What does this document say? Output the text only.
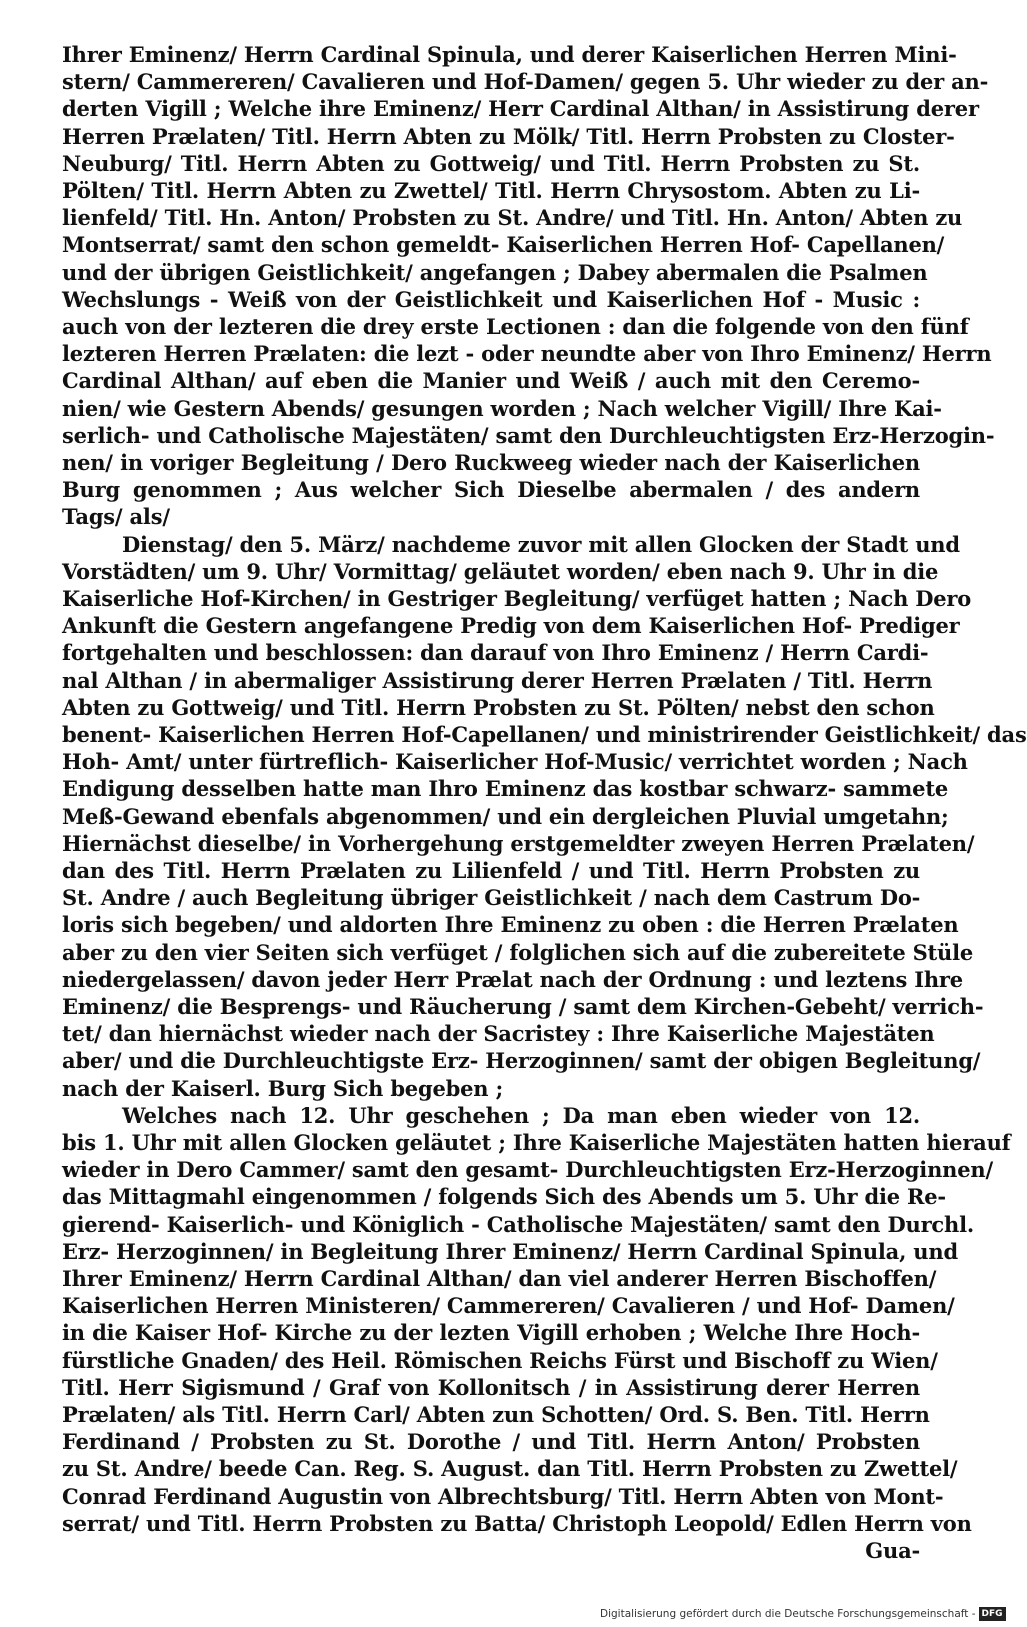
Ihrer Eminenz/ Herrn Cardinal Spinula, und derer Kaiserlichen Herren Mini-
stern/ Cammereren/ Cavalieren und Hof-Damen/ gegen 5. Uhr wieder zu der an-
derten Vigill ; Welche ihre Eminenz/ Herr Cardinal Althan/ in Assistirung derer
Herren Prælaten/ Titl. Herrn Abten zu Mölk/ Titl. Herrn Probsten zu Closter-
Neuburg/ Titl. Herrn Abten zu Gottweig/ und Titl. Herrn Probsten zu St.
Pölten/ Titl. Herrn Abten zu Zwettel/ Titl. Herrn Chrysostom. Abten zu Li-
lienfeld/ Titl. Hn. Anton/ Probsten zu St. Andre/ und Titl. Hn. Anton/ Abten zu
Montserrat/ samt den schon gemeldt- Kaiserlichen Herren Hof- Capellanen/
und der übrigen Geistlichkeit/ angefangen ; Dabey abermalen die Psalmen
Wechslungs - Weiß von der Geistlichkeit und Kaiserlichen Hof - Music :
auch von der lezteren die drey erste Lectionen : dan die folgende von den fünf
lezteren Herren Prælaten: die lezt - oder neundte aber von Ihro Eminenz/ Herrn
Cardinal Althan/ auf eben die Manier und Weiß / auch mit den Ceremo-
nien/ wie Gestern Abends/ gesungen worden ; Nach welcher Vigill/ Ihre Kai-
serlich- und Catholische Majestäten/ samt den Durchleuchtigsten Erz-Herzogin-
nen/ in voriger Begleitung / Dero Ruckweeg wieder nach der Kaiserlichen
Burg genommen ; Aus welcher Sich Dieselbe abermalen / des andern
Tags/ als/
Dienstag/ den 5. März/ nachdeme zuvor mit allen Glocken der Stadt und
Vorstädten/ um 9. Uhr/ Vormittag/ geläutet worden/ eben nach 9. Uhr in die
Kaiserliche Hof-Kirchen/ in Gestriger Begleitung/ verfüget hatten ; Nach Dero
Ankunft die Gestern angefangene Predig von dem Kaiserlichen Hof- Prediger
fortgehalten und beschlossen: dan darauf von Ihro Eminenz / Herrn Cardi-
nal Althan / in abermaliger Assistirung derer Herren Prælaten / Titl. Herrn
Abten zu Gottweig/ und Titl. Herrn Probsten zu St. Pölten/ nebst den schon
benent- Kaiserlichen Herren Hof-Capellanen/ und ministrirender Geistlichkeit/ das
Hoh- Amt/ unter fürtreflich- Kaiserlicher Hof-Music/ verrichtet worden ; Nach
Endigung desselben hatte man Ihro Eminenz das kostbar schwarz- sammete
Meß-Gewand ebenfals abgenommen/ und ein dergleichen Pluvial umgetahn;
Hiernächst dieselbe/ in Vorhergehung erstgemeldter zweyen Herren Prælaten/
dan des Titl. Herrn Prælaten zu Lilienfeld / und Titl. Herrn Probsten zu
St. Andre / auch Begleitung übriger Geistlichkeit / nach dem Castrum Do-
loris sich begeben/ und aldorten Ihre Eminenz zu oben : die Herren Prælaten
aber zu den vier Seiten sich verfüget / folglichen sich auf die zubereitete Stüle
niedergelassen/ davon jeder Herr Prælat nach der Ordnung : und leztens Ihre
Eminenz/ die Besprengs- und Räucherung / samt dem Kirchen-Gebeht/ verrich-
tet/ dan hiernächst wieder nach der Sacristey : Ihre Kaiserliche Majestäten
aber/ und die Durchleuchtigste Erz- Herzoginnen/ samt der obigen Begleitung/
nach der Kaiserl. Burg Sich begeben ;
Welches nach 12. Uhr geschehen ; Da man eben wieder von 12.
bis 1. Uhr mit allen Glocken geläutet ; Ihre Kaiserliche Majestäten hatten hierauf
wieder in Dero Cammer/ samt den gesamt- Durchleuchtigsten Erz-Herzoginnen/
das Mittagmahl eingenommen / folgends Sich des Abends um 5. Uhr die Re-
gierend- Kaiserlich- und Königlich - Catholische Majestäten/ samt den Durchl.
Erz- Herzoginnen/ in Begleitung Ihrer Eminenz/ Herrn Cardinal Spinula, und
Ihrer Eminenz/ Herrn Cardinal Althan/ dan viel anderer Herren Bischoffen/
Kaiserlichen Herren Ministeren/ Cammereren/ Cavalieren / und Hof- Damen/
in die Kaiser Hof- Kirche zu der lezten Vigill erhoben ; Welche Ihre Hoch-
fürstliche Gnaden/ des Heil. Römischen Reichs Fürst und Bischoff zu Wien/
Titl. Herr Sigismund / Graf von Kollonitsch / in Assistirung derer Herren
Prælaten/ als Titl. Herrn Carl/ Abten zun Schotten/ Ord. S. Ben. Titl. Herrn
Ferdinand / Probsten zu St. Dorothe / und Titl. Herrn Anton/ Probsten
zu St. Andre/ beede Can. Reg. S. August. dan Titl. Herrn Probsten zu Zwettel/
Conrad Ferdinand Augustin von Albrechtsburg/ Titl. Herrn Abten von Mont-
serrat/ und Titl. Herrn Probsten zu Batta/ Christoph Leopold/ Edlen Herrn von
Gua-
Digitalisierung gefördert durch die Deutsche Forschungsgemeinschaft - DFG
